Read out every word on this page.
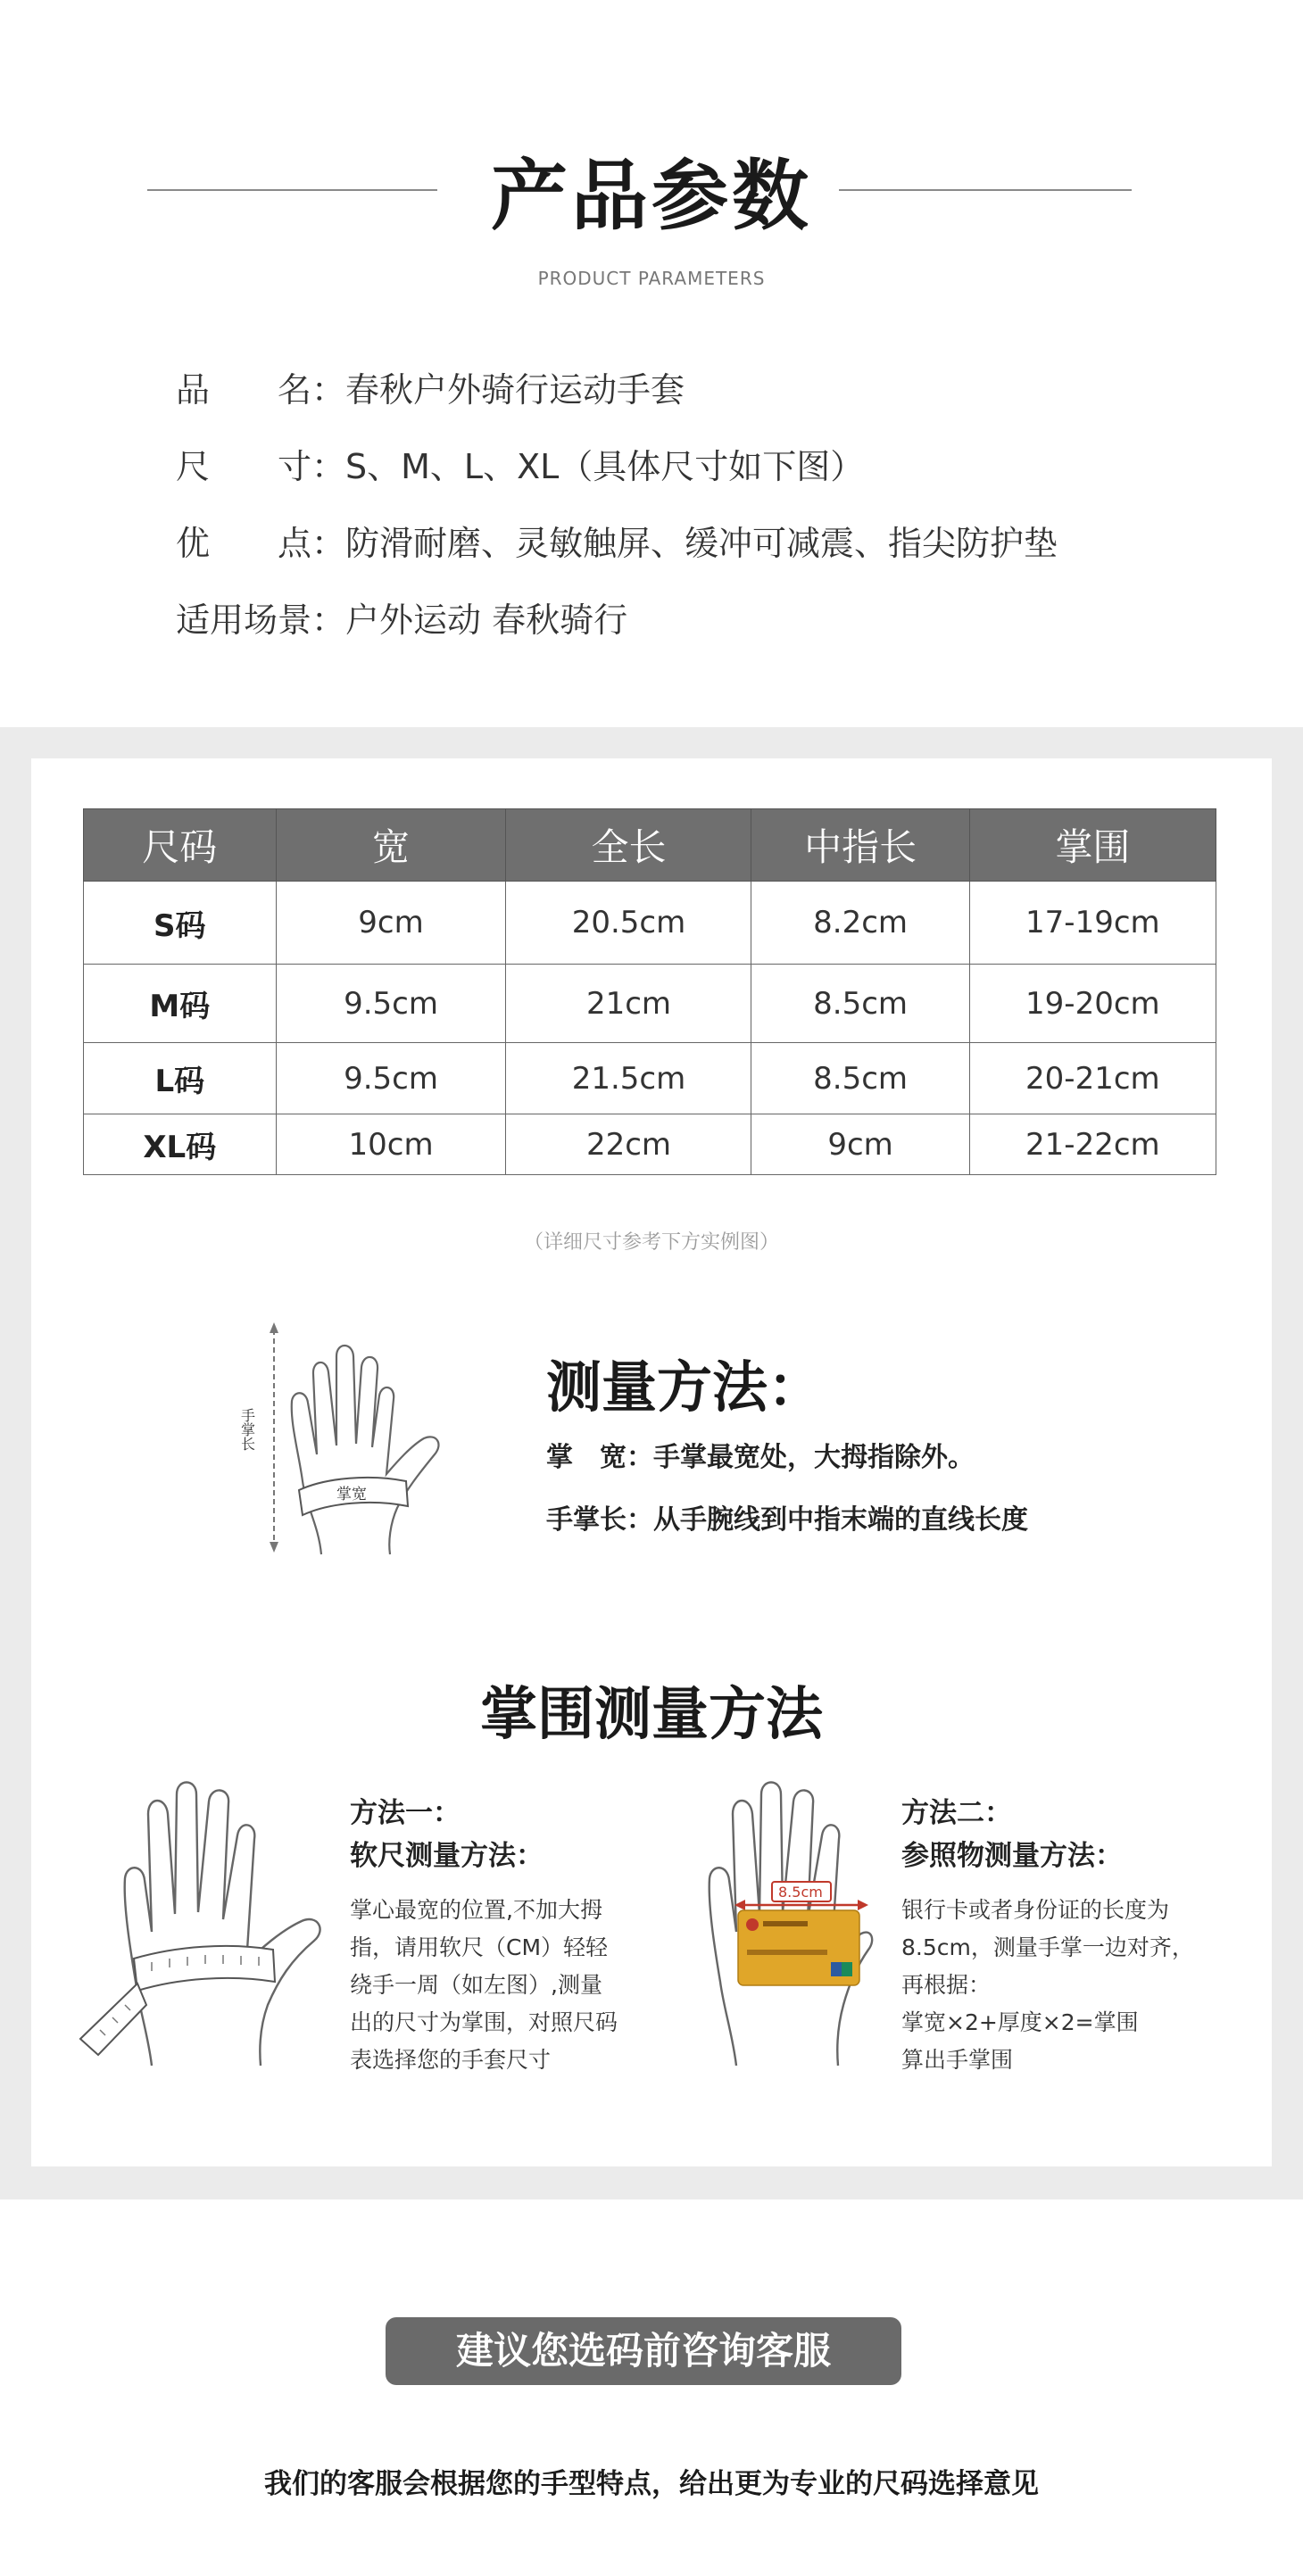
产品参数
PRODUCT PARAMETERS
品　　名：春秋户外骑行运动手套
尺　　寸：S、M、L、XL（具体尺寸如下图）
优　　点：防滑耐磨、灵敏触屏、缓冲可减震、指尖防护垫
适用场景：户外运动 春秋骑行
尺码	宽	全长	中指长	掌围
S码	9cm	20.5cm	8.2cm	17-19cm
M码	9.5cm	21cm	8.5cm	19-20cm
L码	9.5cm	21.5cm	8.5cm	20-21cm
XL码	10cm	22cm	9cm	21-22cm
（详细尺寸参考下方实例图）
手掌长
掌宽
测量方法：
掌　宽：手掌最宽处，大拇指除外。
手掌长：从手腕线到中指末端的直线长度
掌围测量方法
方法一：
软尺测量方法：
掌心最宽的位置,不加大拇
指，请用软尺（CM）轻轻
绕手一周（如左图）,测量
出的尺寸为掌围，对照尺码
表选择您的手套尺寸
8.5cm
方法二：
参照物测量方法：
银行卡或者身份证的长度为
8.5cm，测量手掌一边对齐，
再根据：
掌宽×2+厚度×2=掌围
算出手掌围
建议您选码前咨询客服
我们的客服会根据您的手型特点，给出更为专业的尺码选择意见
